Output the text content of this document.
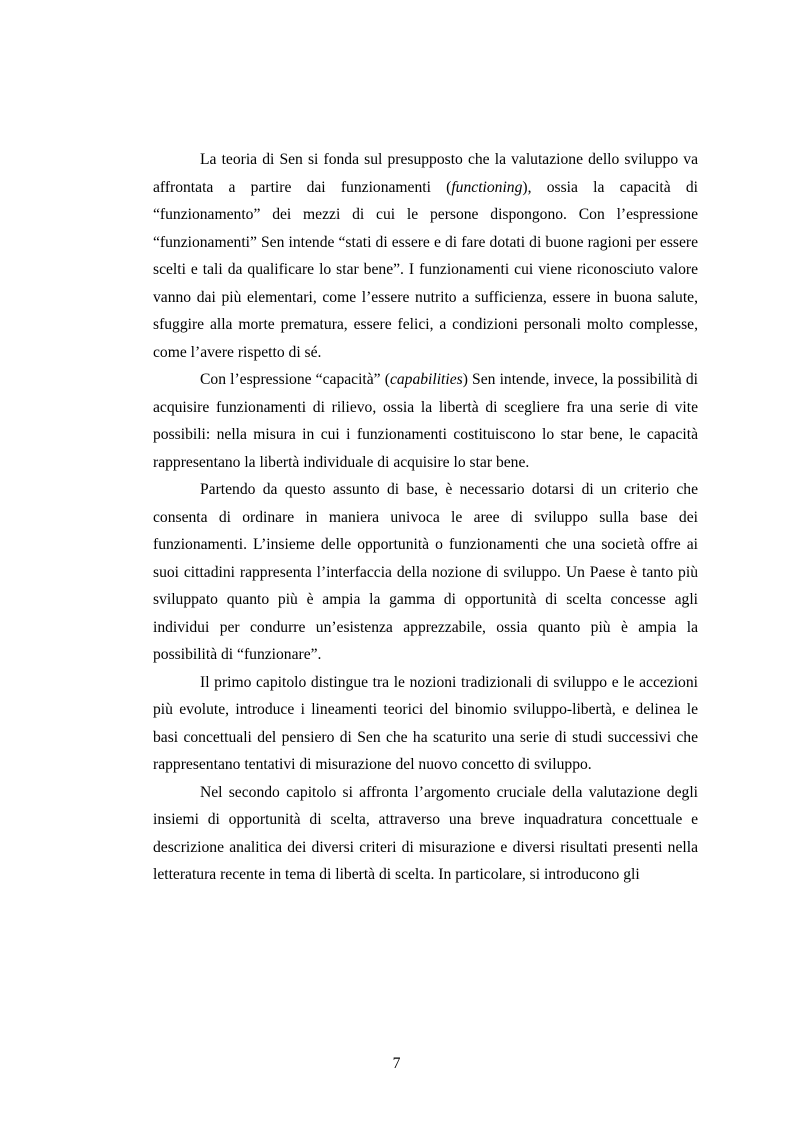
La teoria di Sen si fonda sul presupposto che la valutazione dello sviluppo va affrontata a partire dai funzionamenti (functioning), ossia la capacità di “funzionamento” dei mezzi di cui le persone dispongono. Con l’espressione “funzionamenti” Sen intende “stati di essere e di fare dotati di buone ragioni per essere scelti e tali da qualificare lo star bene”. I funzionamenti cui viene riconosciuto valore vanno dai più elementari, come l’essere nutrito a sufficienza, essere in buona salute, sfuggire alla morte prematura, essere felici, a condizioni personali molto complesse, come l’avere rispetto di sé.

Con l’espressione “capacità” (capabilities) Sen intende, invece, la possibilità di acquisire funzionamenti di rilievo, ossia la libertà di scegliere fra una serie di vite possibili: nella misura in cui i funzionamenti costituiscono lo star bene, le capacità rappresentano la libertà individuale di acquisire lo star bene.

Partendo da questo assunto di base, è necessario dotarsi di un criterio che consenta di ordinare in maniera univoca le aree di sviluppo sulla base dei funzionamenti. L’insieme delle opportunità o funzionamenti che una società offre ai suoi cittadini rappresenta l’interfaccia della nozione di sviluppo. Un Paese è tanto più sviluppato quanto più è ampia la gamma di opportunità di scelta concesse agli individui per condurre un’esistenza apprezzabile, ossia quanto più è ampia la possibilità di “funzionare”.

Il primo capitolo distingue tra le nozioni tradizionali di sviluppo e le accezioni più evolute, introduce i lineamenti teorici del binomio sviluppo-libertà, e delinea le basi concettuali del pensiero di Sen che ha scaturito una serie di studi successivi che rappresentano tentativi di misurazione del nuovo concetto di sviluppo.

Nel secondo capitolo si affronta l’argomento cruciale della valutazione degli insiemi di opportunità di scelta, attraverso una breve inquadratura concettuale e descrizione analitica dei diversi criteri di misurazione e diversi risultati presenti nella letteratura recente in tema di libertà di scelta. In particolare, si introducono gli

7
